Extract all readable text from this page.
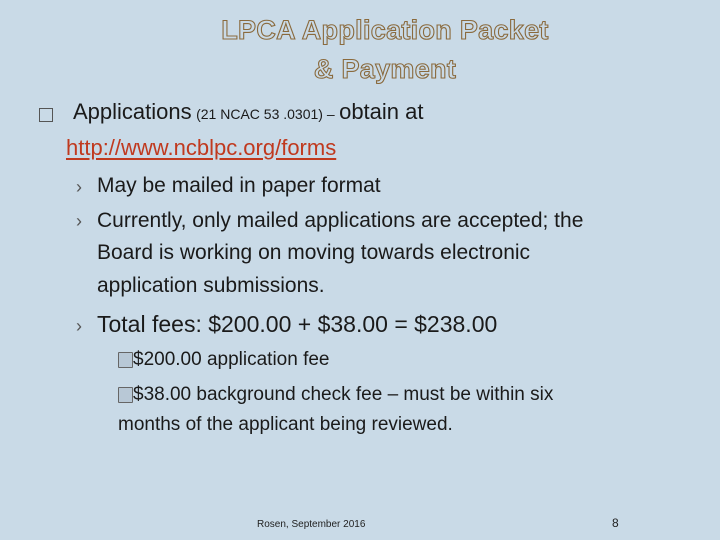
LPCA Application Packet
& Payment
Applications (21 NCAC 53 .0301) – obtain at
http://www.ncblpc.org/forms
› May be mailed in paper format
› Currently, only mailed applications are accepted; the
Board is working on moving towards electronic
application submissions.
› Total fees: $200.00 + $38.00 = $238.00
$200.00 application fee
$38.00 background check fee – must be within six
months of the applicant being reviewed.
Rosen, September 2016	8
